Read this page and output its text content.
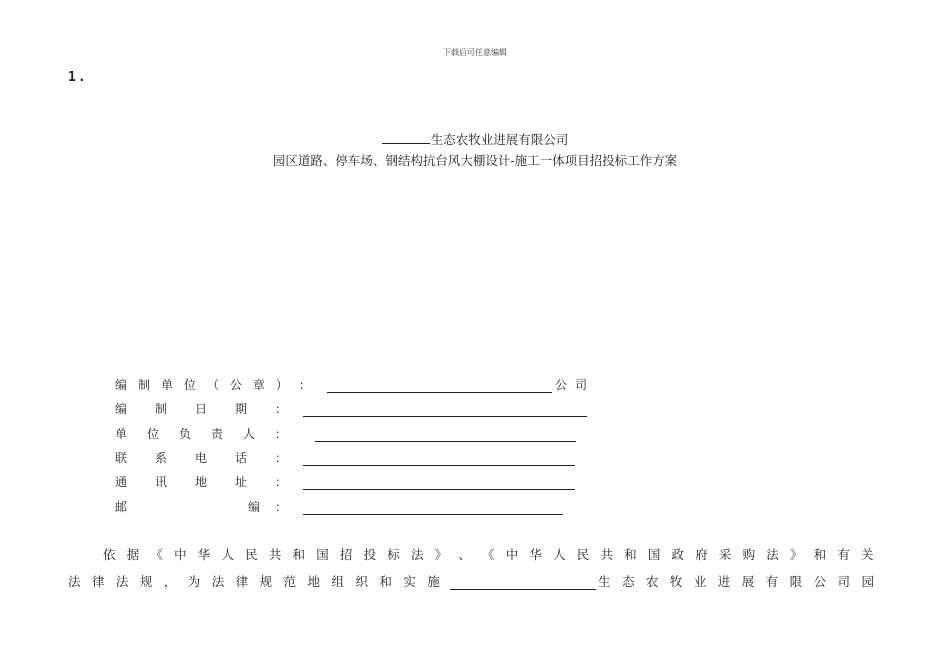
下载后可任意编辑
1.
生态农牧业进展有限公司
园区道路、停车场、钢结构抗台风大棚设计-施工一体项目招投标工作方案
编 制 单 位 （ 公 章 ） ：	公司
编 制 日 期 ：
单 位 负 责 人 ：
联 系 电 话 ：
通 讯 地 址 ：
邮	编 ：
依 据 《 中 华 人 民 共 和 国 招 投 标 法 》 、 《 中 华 人 民 共 和 国 政 府 采 购 法 》 和 有 关
法 律 法 规 ， 为 法 律 规 范 地 组 织 和 实 施	生 态 农 牧 业 进 展 有 限 公 司 园
